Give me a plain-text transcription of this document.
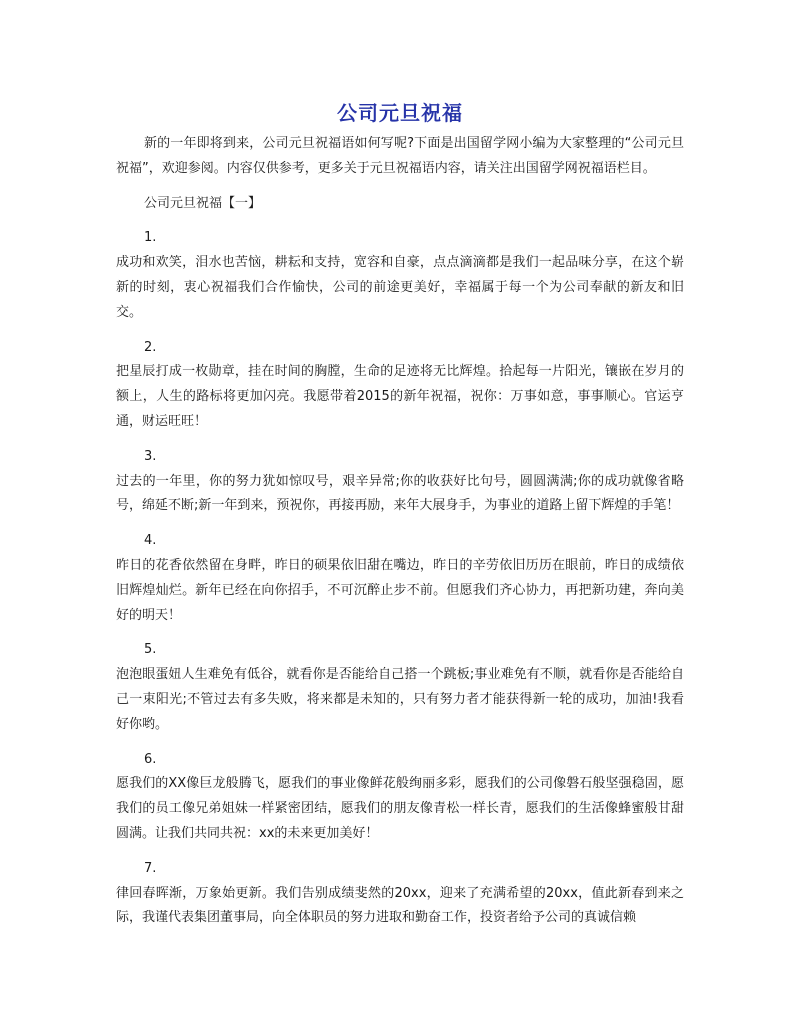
公司元旦祝福

新的一年即将到来，公司元旦祝福语如何写呢?下面是出国留学网小编为大家整理的“公司元旦祝福”，欢迎参阅。内容仅供参考，更多关于元旦祝福语内容，请关注出国留学网祝福语栏目。

公司元旦祝福【一】

1.

成功和欢笑，泪水也苦恼，耕耘和支持，宽容和自豪，点点滴滴都是我们一起品味分享，在这个崭新的时刻，衷心祝福我们合作愉快，公司的前途更美好，幸福属于每一个为公司奉献的新友和旧交。

2.

把星辰打成一枚勋章，挂在时间的胸膛，生命的足迹将无比辉煌。拾起每一片阳光，镶嵌在岁月的额上，人生的路标将更加闪亮。我愿带着2015的新年祝福，祝你：万事如意，事事顺心。官运亨通，财运旺旺！

3.

过去的一年里，你的努力犹如惊叹号，艰辛异常;你的收获好比句号，圆圆满满;你的成功就像省略号，绵延不断;新一年到来，预祝你，再接再励，来年大展身手，为事业的道路上留下辉煌的手笔！

4.

昨日的花香依然留在身畔，昨日的硕果依旧甜在嘴边，昨日的辛劳依旧历历在眼前，昨日的成绩依旧辉煌灿烂。新年已经在向你招手，不可沉醉止步不前。但愿我们齐心协力，再把新功建，奔向美好的明天！

5.

泡泡眼蛋妞人生难免有低谷，就看你是否能给自己搭一个跳板;事业难免有不顺，就看你是否能给自己一束阳光;不管过去有多失败，将来都是未知的，只有努力者才能获得新一轮的成功，加油!我看好你哟。

6.

愿我们的XX像巨龙般腾飞，愿我们的事业像鲜花般绚丽多彩，愿我们的公司像磐石般坚强稳固，愿我们的员工像兄弟姐妹一样紧密团结，愿我们的朋友像青松一样长青，愿我们的生活像蜂蜜般甘甜圆满。让我们共同共祝：xx的未来更加美好！

7.

律回春晖渐，万象始更新。我们告别成绩斐然的20xx，迎来了充满希望的20xx，值此新春到来之际，我谨代表集团董事局，向全体职员的努力进取和勤奋工作，投资者给予公司的真诚信赖
